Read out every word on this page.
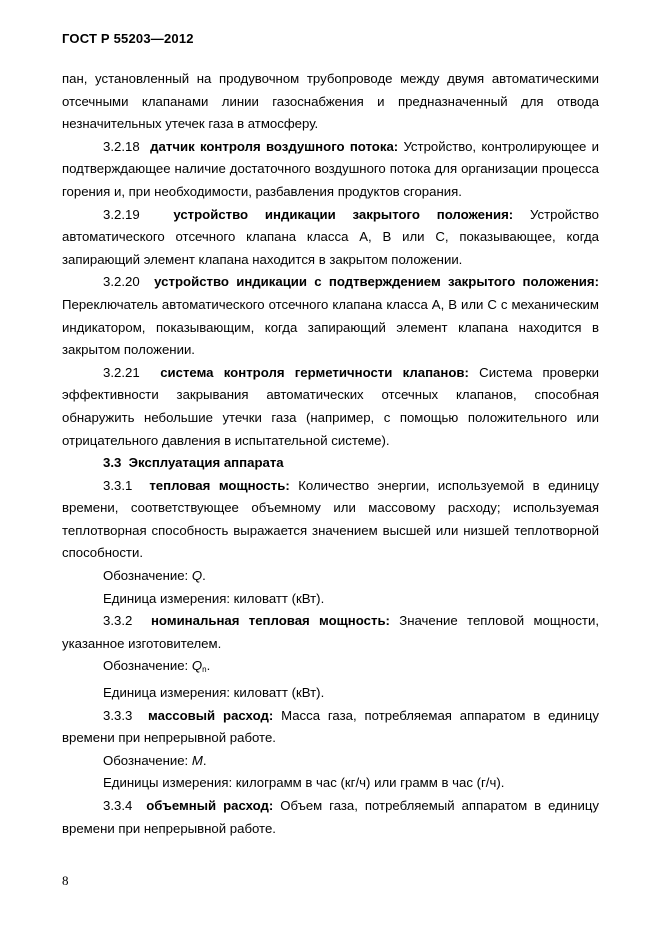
ГОСТ Р 55203—2012

пан, установленный на продувочном трубопроводе между двумя автоматическими отсечными клапанами линии газоснабжения и предназначенный для отвода незначительных утечек газа в атмосферу.

3.2.18 датчик контроля воздушного потока: Устройство, контролирующее и подтверждающее наличие достаточного воздушного потока для организации процесса горения и, при необходимости, разбавления продуктов сгорания.

3.2.19	устройство индикации закрытого положения: Устройство автоматического отсечного клапана класса А, В или С, показывающее, когда запирающий элемент клапана находится в закрытом положении.

3.2.20 устройство индикации с подтверждением закрытого положения: Переключатель автоматического отсечного клапана класса А, В или С с механическим индикатором, показывающим, когда запирающий элемент клапана находится в закрытом положении.

3.2.21 система контроля герметичности клапанов: Система проверки эффективности закрывания автоматических отсечных клапанов, способная обнаружить небольшие утечки газа (например, с помощью положительного или отрицательного давления в испытательной системе).

3.3 Эксплуатация аппарата

3.3.1 тепловая мощность: Количество энергии, используемой в единицу времени, соответствующее объемному или массовому расходу; используемая теплотворная способность выражается значением высшей или низшей теплотворной способности.

Обозначение: Q.

Единица измерения: киловатт (кВт).

3.3.2 номинальная тепловая мощность: Значение тепловой мощности, указанное изготовителем.

Обозначение: $Q_n$.

Единица измерения: киловатт (кВт).

3.3.3 массовый расход: Масса газа, потребляемая аппаратом в единицу времени при непрерывной работе.

Обозначение: M.

Единицы измерения: килограмм в час (кг/ч) или грамм в час (г/ч).

3.3.4 объемный расход: Объем газа, потребляемый аппаратом в единицу времени при непрерывной работе.

8
